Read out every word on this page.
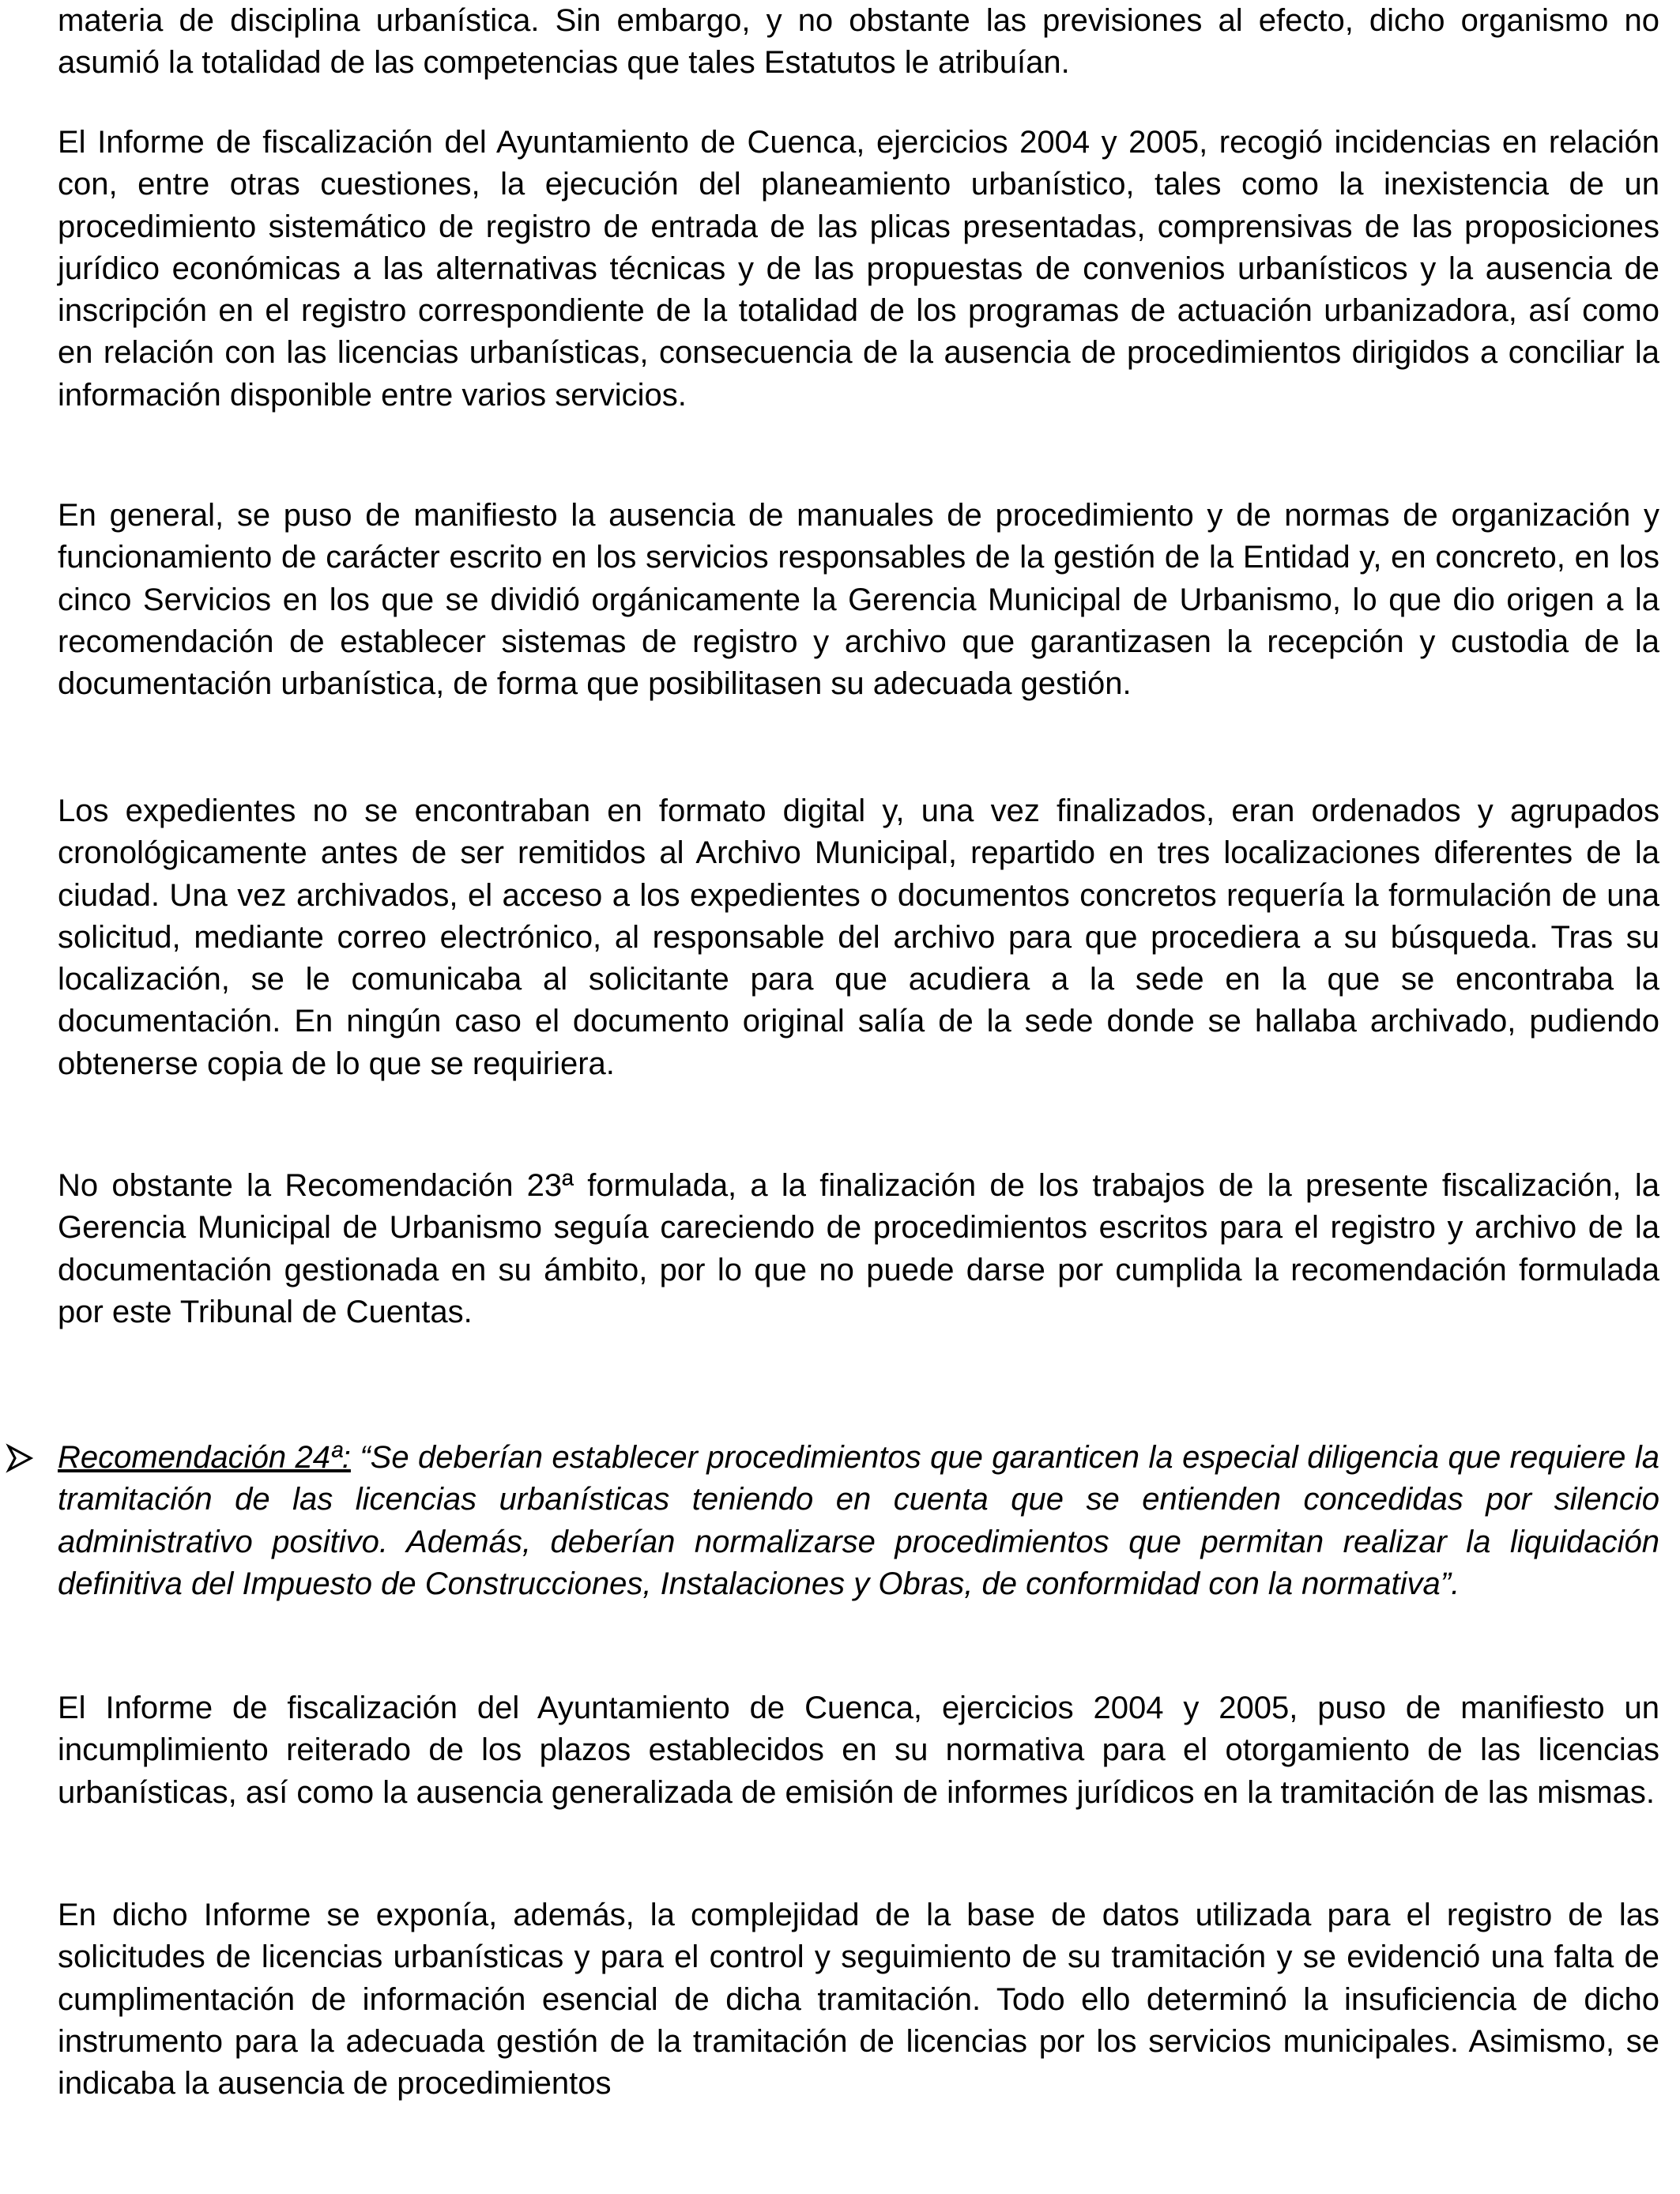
materia de disciplina urbanística. Sin embargo, y no obstante las previsiones al efecto, dicho organismo no asumió la totalidad de las competencias que tales Estatutos le atribuían.

El Informe de fiscalización del Ayuntamiento de Cuenca, ejercicios 2004 y 2005, recogió incidencias en relación con, entre otras cuestiones, la ejecución del planeamiento urbanístico, tales como la inexistencia de un procedimiento sistemático de registro de entrada de las plicas presentadas, comprensivas de las proposiciones jurídico económicas a las alternativas técnicas y de las propuestas de convenios urbanísticos y la ausencia de inscripción en el registro correspondiente de la totalidad de los programas de actuación urbanizadora, así como en relación con las licencias urbanísticas, consecuencia de la ausencia de procedimientos dirigidos a conciliar la información disponible entre varios servicios.

En general, se puso de manifiesto la ausencia de manuales de procedimiento y de normas de organización y funcionamiento de carácter escrito en los servicios responsables de la gestión de la Entidad y, en concreto, en los cinco Servicios en los que se dividió orgánicamente la Gerencia Municipal de Urbanismo, lo que dio origen a la recomendación de establecer sistemas de registro y archivo que garantizasen la recepción y custodia de la documentación urbanística, de forma que posibilitasen su adecuada gestión.

Los expedientes no se encontraban en formato digital y, una vez finalizados, eran ordenados y agrupados cronológicamente antes de ser remitidos al Archivo Municipal, repartido en tres localizaciones diferentes de la ciudad. Una vez archivados, el acceso a los expedientes o documentos concretos requería la formulación de una solicitud, mediante correo electrónico, al responsable del archivo para que procediera a su búsqueda. Tras su localización, se le comunicaba al solicitante para que acudiera a la sede en la que se encontraba la documentación. En ningún caso el documento original salía de la sede donde se hallaba archivado, pudiendo obtenerse copia de lo que se requiriera.

No obstante la Recomendación 23ª formulada, a la finalización de los trabajos de la presente fiscalización, la Gerencia Municipal de Urbanismo seguía careciendo de procedimientos escritos para el registro y archivo de la documentación gestionada en su ámbito, por lo que no puede darse por cumplida la recomendación formulada por este Tribunal de Cuentas.

Recomendación 24ª: “Se deberían establecer procedimientos que garanticen la especial diligencia que requiere la tramitación de las licencias urbanísticas teniendo en cuenta que se entienden concedidas por silencio administrativo positivo. Además, deberían normalizarse procedimientos que permitan realizar la liquidación definitiva del Impuesto de Construcciones, Instalaciones y Obras, de conformidad con la normativa”.

El Informe de fiscalización del Ayuntamiento de Cuenca, ejercicios 2004 y 2005, puso de manifiesto un incumplimiento reiterado de los plazos establecidos en su normativa para el otorgamiento de las licencias urbanísticas, así como la ausencia generalizada de emisión de informes jurídicos en la tramitación de las mismas.

En dicho Informe se exponía, además, la complejidad de la base de datos utilizada para el registro de las solicitudes de licencias urbanísticas y para el control y seguimiento de su tramitación y se evidenció una falta de cumplimentación de información esencial de dicha tramitación. Todo ello determinó la insuficiencia de dicho instrumento para la adecuada gestión de la tramitación de licencias por los servicios municipales. Asimismo, se indicaba la ausencia de procedimientos
